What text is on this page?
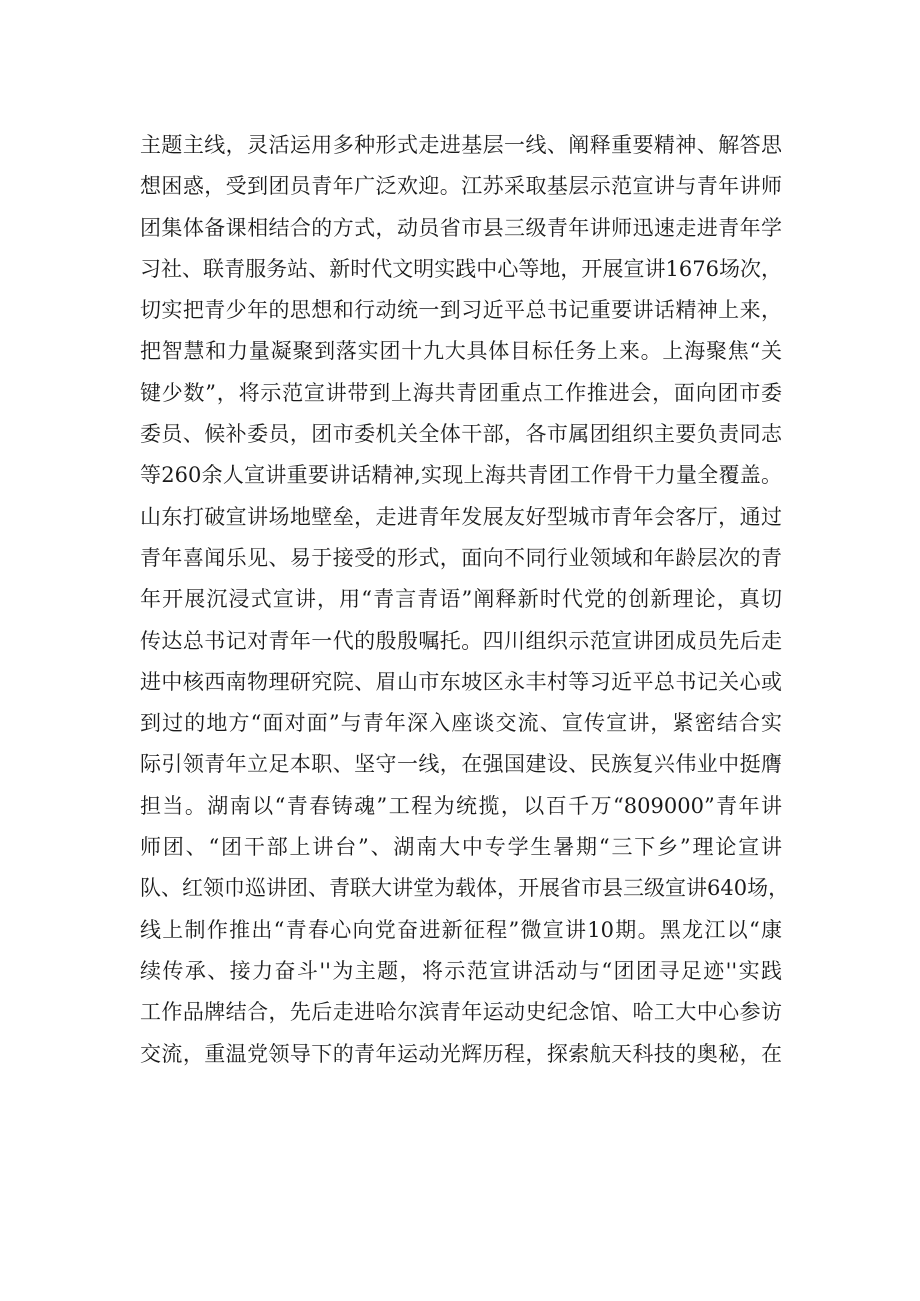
主题主线，灵活运用多种形式走进基层一线、阐释重要精神、解答思
想困惑，受到团员青年广泛欢迎。江苏采取基层示范宣讲与青年讲师
团集体备课相结合的方式，动员省市县三级青年讲师迅速走进青年学
习社、联青服务站、新时代文明实践中心等地，开展宣讲1676场次，
切实把青少年的思想和行动统一到习近平总书记重要讲话精神上来，
把智慧和力量凝聚到落实团十九大具体目标任务上来。上海聚焦“关
键少数”，将示范宣讲带到上海共青团重点工作推进会，面向团市委
委员、候补委员，团市委机关全体干部，各市属团组织主要负责同志
等260余人宣讲重要讲话精神,实现上海共青团工作骨干力量全覆盖。
山东打破宣讲场地壁垒，走进青年发展友好型城市青年会客厅，通过
青年喜闻乐见、易于接受的形式，面向不同行业领域和年龄层次的青
年开展沉浸式宣讲，用“青言青语”阐释新时代党的创新理论，真切
传达总书记对青年一代的殷殷嘱托。四川组织示范宣讲团成员先后走
进中核西南物理研究院、眉山市东坡区永丰村等习近平总书记关心或
到过的地方“面对面”与青年深入座谈交流、宣传宣讲，紧密结合实
际引领青年立足本职、坚守一线，在强国建设、民族复兴伟业中挺膺
担当。湖南以“青春铸魂”工程为统揽，以百千万“809000”青年讲
师团、“团干部上讲台”、湖南大中专学生暑期“三下乡”理论宣讲
队、红领巾巡讲团、青联大讲堂为载体，开展省市县三级宣讲640场，
线上制作推出“青春心向党奋进新征程”微宣讲10期。黑龙江以“康
续传承、接力奋斗''为主题，将示范宣讲活动与“团团寻足迹''实践
工作品牌结合，先后走进哈尔滨青年运动史纪念馆、哈工大中心参访
交流，重温党领导下的青年运动光辉历程，探索航天科技的奥秘，在
